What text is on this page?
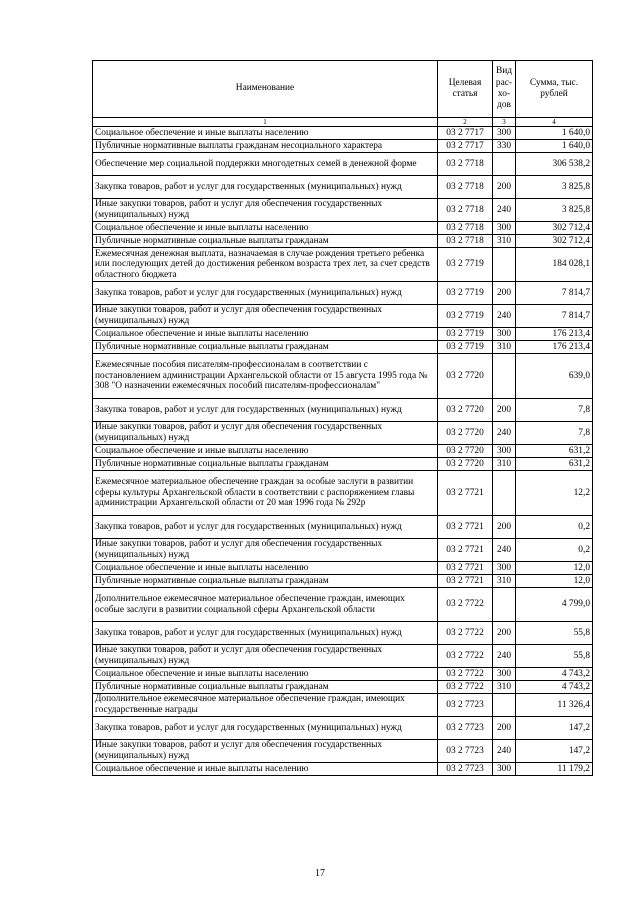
Наименование	Целевая статья	Вид рас- хо- дов	Сумма, тыс. рублей
1	2	3	4
Социальное обеспечение и иные выплаты населению	03 2 7717	300	1 640,0
Публичные нормативные выплаты гражданам несоциального характера	03 2 7717	330	1 640,0
Обеспечение мер социальной поддержки многодетных семей в денежной форме	03 2 7718		306 538,2
Закупка товаров, работ и услуг для государственных (муниципальных) нужд	03 2 7718	200	3 825,8
Иные закупки товаров, работ и услуг для обеспечения государственных (муниципальных) нужд	03 2 7718	240	3 825,8
Социальное обеспечение и иные выплаты населению	03 2 7718	300	302 712,4
Публичные нормативные социальные выплаты гражданам	03 2 7718	310	302 712,4
Ежемесячная денежная выплата, назначаемая в случае рождения третьего ребенка или последующих детей до достижения ребенком возраста трех лет, за счет средств областного бюджета	03 2 7719		184 028,1
Закупка товаров, работ и услуг для государственных (муниципальных) нужд	03 2 7719	200	7 814,7
Иные закупки товаров, работ и услуг для обеспечения государственных (муниципальных) нужд	03 2 7719	240	7 814,7
Социальное обеспечение и иные выплаты населению	03 2 7719	300	176 213,4
Публичные нормативные социальные выплаты гражданам	03 2 7719	310	176 213,4
Ежемесячные пособия писателям-профессионалам в соответствии с постановлением администрации Архангельской области от 15 августа 1995 года № 308 "О назначении ежемесячных пособий писателям-профессионалам"	03 2 7720		639,0
Закупка товаров, работ и услуг для государственных (муниципальных) нужд	03 2 7720	200	7,8
Иные закупки товаров, работ и услуг для обеспечения государственных (муниципальных) нужд	03 2 7720	240	7,8
Социальное обеспечение и иные выплаты населению	03 2 7720	300	631,2
Публичные нормативные социальные выплаты гражданам	03 2 7720	310	631,2
Ежемесячное материальное обеспечение граждан за особые заслуги в развитии сферы культуры Архангельской области в соответствии с распоряжением главы администрации Архангельской области от 20 мая 1996 года № 292р	03 2 7721		12,2
Закупка товаров, работ и услуг для государственных (муниципальных) нужд	03 2 7721	200	0,2
Иные закупки товаров, работ и услуг для обеспечения государственных (муниципальных) нужд	03 2 7721	240	0,2
Социальное обеспечение и иные выплаты населению	03 2 7721	300	12,0
Публичные нормативные социальные выплаты гражданам	03 2 7721	310	12,0
Дополнительное ежемесячное материальное обеспечение граждан, имеющих особые заслуги в развитии социальной сферы Архангельской области	03 2 7722		4 799,0
Закупка товаров, работ и услуг для государственных (муниципальных) нужд	03 2 7722	200	55,8
Иные закупки товаров, работ и услуг для обеспечения государственных (муниципальных) нужд	03 2 7722	240	55,8
Социальное обеспечение и иные выплаты населению	03 2 7722	300	4 743,2
Публичные нормативные социальные выплаты гражданам	03 2 7722	310	4 743,2
Дополнительное ежемесячное материальное обеспечение граждан, имеющих государственные награды	03 2 7723		11 326,4
Закупка товаров, работ и услуг для государственных (муниципальных) нужд	03 2 7723	200	147,2
Иные закупки товаров, работ и услуг для обеспечения государственных (муниципальных) нужд	03 2 7723	240	147,2
Социальное обеспечение и иные выплаты населению	03 2 7723	300	11 179,2
17
